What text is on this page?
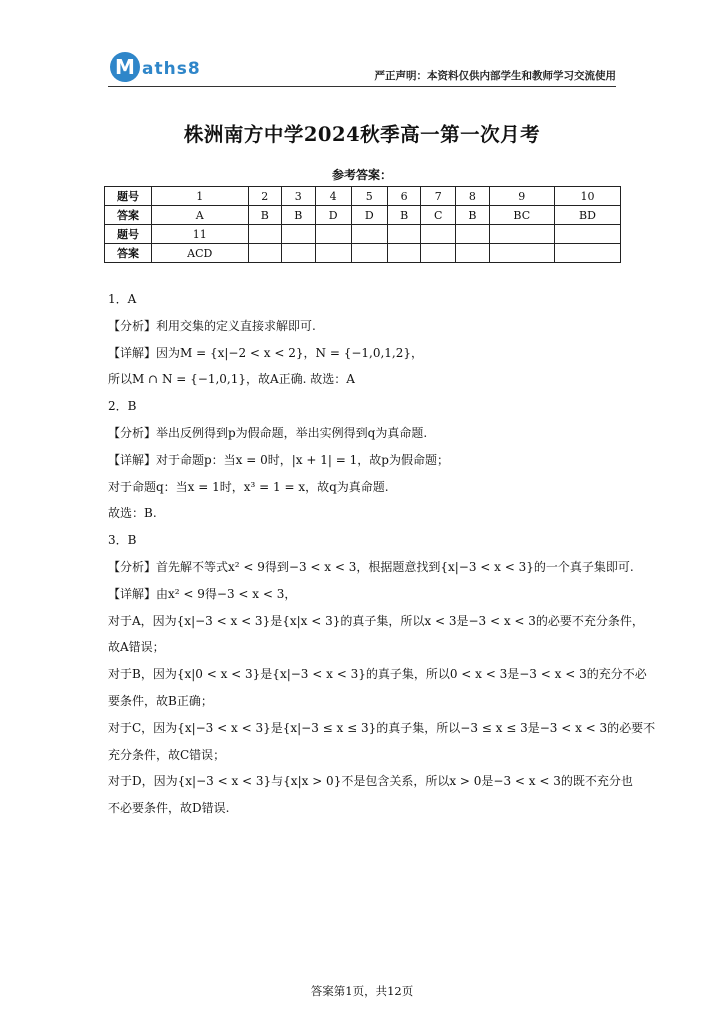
M aths8	严正声明：本资料仅供内部学生和教师学习交流使用
株洲南方中学2024秋季高一第一次月考
参考答案：
题号	1	2	3	4	5	6	7	8	9	10
答案	A	B	B	D	D	B	C	B	BC	BD
题号	11									
答案	ACD									
1．A
【分析】利用交集的定义直接求解即可.
【详解】因为M = {x|−2 < x < 2}，N = {−1,0,1,2}，
所以M ∩ N = {−1,0,1}，故A正确. 故选：A
2．B
【分析】举出反例得到p为假命题，举出实例得到q为真命题.
【详解】对于命题p：当x = 0时，|x + 1| = 1，故p为假命题；
对于命题q：当x = 1时，x³ = 1 = x，故q为真命题.
故选：B.
3．B
【分析】首先解不等式x² < 9得到−3 < x < 3，根据题意找到{x|−3 < x < 3}的一个真子集即可.
【详解】由x² < 9得−3 < x < 3，
对于A，因为{x|−3 < x < 3}是{x|x < 3}的真子集，所以x < 3是−3 < x < 3的必要不充分条件，
故A错误；
对于B，因为{x|0 < x < 3}是{x|−3 < x < 3}的真子集，所以0 < x < 3是−3 < x < 3的充分不必
要条件，故B正确；
对于C，因为{x|−3 < x < 3}是{x|−3 ≤ x ≤ 3}的真子集，所以−3 ≤ x ≤ 3是−3 < x < 3的必要不
充分条件，故C错误；
对于D，因为{x|−3 < x < 3}与{x|x > 0}不是包含关系，所以x > 0是−3 < x < 3的既不充分也
不必要条件，故D错误.
答案第1页，共12页
